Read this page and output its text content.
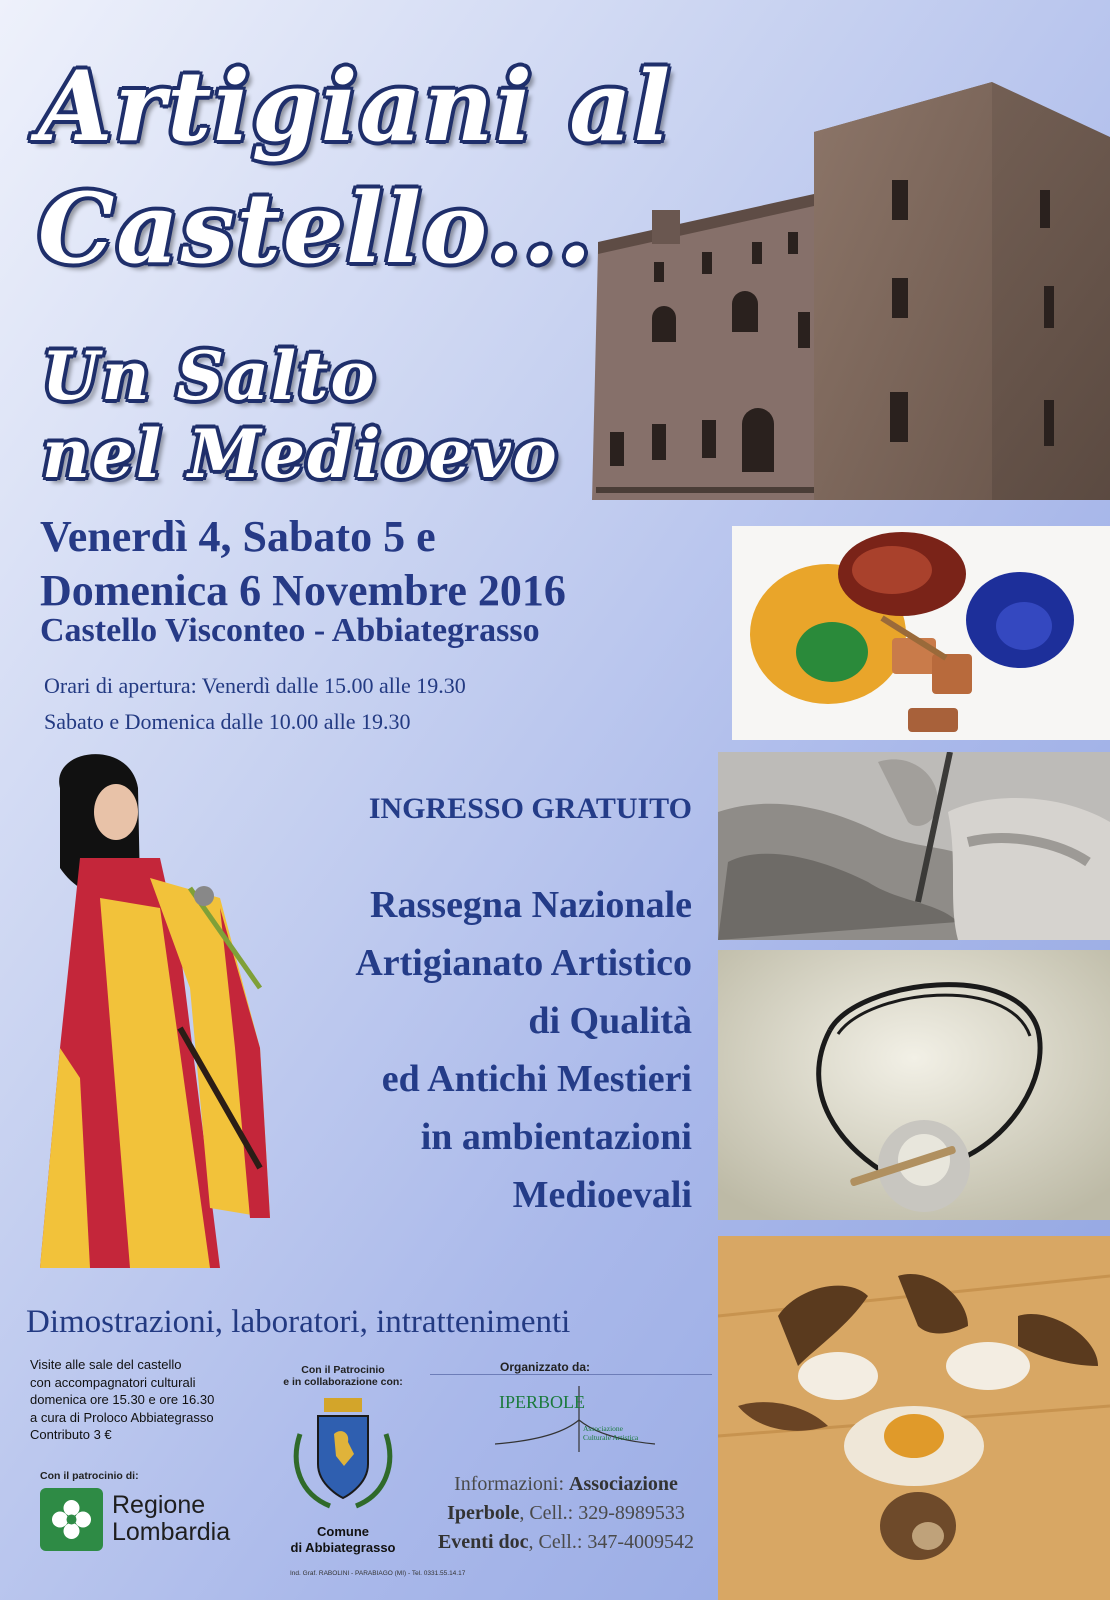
Artigiani al
Castello...
Un Salto
nel Medioevo
Venerdì 4, Sabato 5 e
Domenica 6 Novembre 2016
Castello Visconteo - Abbiategrasso
Orari di apertura: Venerdì dalle 15.00 alle 19.30
Sabato e Domenica dalle 10.00 alle 19.30
INGRESSO GRATUITO
Rassegna Nazionale
Artigianato Artistico
di Qualità
ed Antichi Mestieri
in ambientazioni
Medioevali
Dimostrazioni, laboratori, intrattenimenti
Visite alle sale del castello
con accompagnatori culturali
domenica ore 15.30 e ore 16.30
a cura di Proloco Abbiategrasso
Contributo 3 €
Con il patrocinio di:
Regione
Lombardia
Con il Patrocinio
e in collaborazione con:
Comune
di Abbiategrasso
Organizzato da:
IPERBOLE
Associazione
Culturale Artistica
Informazioni: Associazione
Iperbole, Cell.: 329-8989533
Eventi doc, Cell.: 347-4009542
Ind. Graf. RABOLINI - PARABIAGO (MI) - Tel. 0331.55.14.17
